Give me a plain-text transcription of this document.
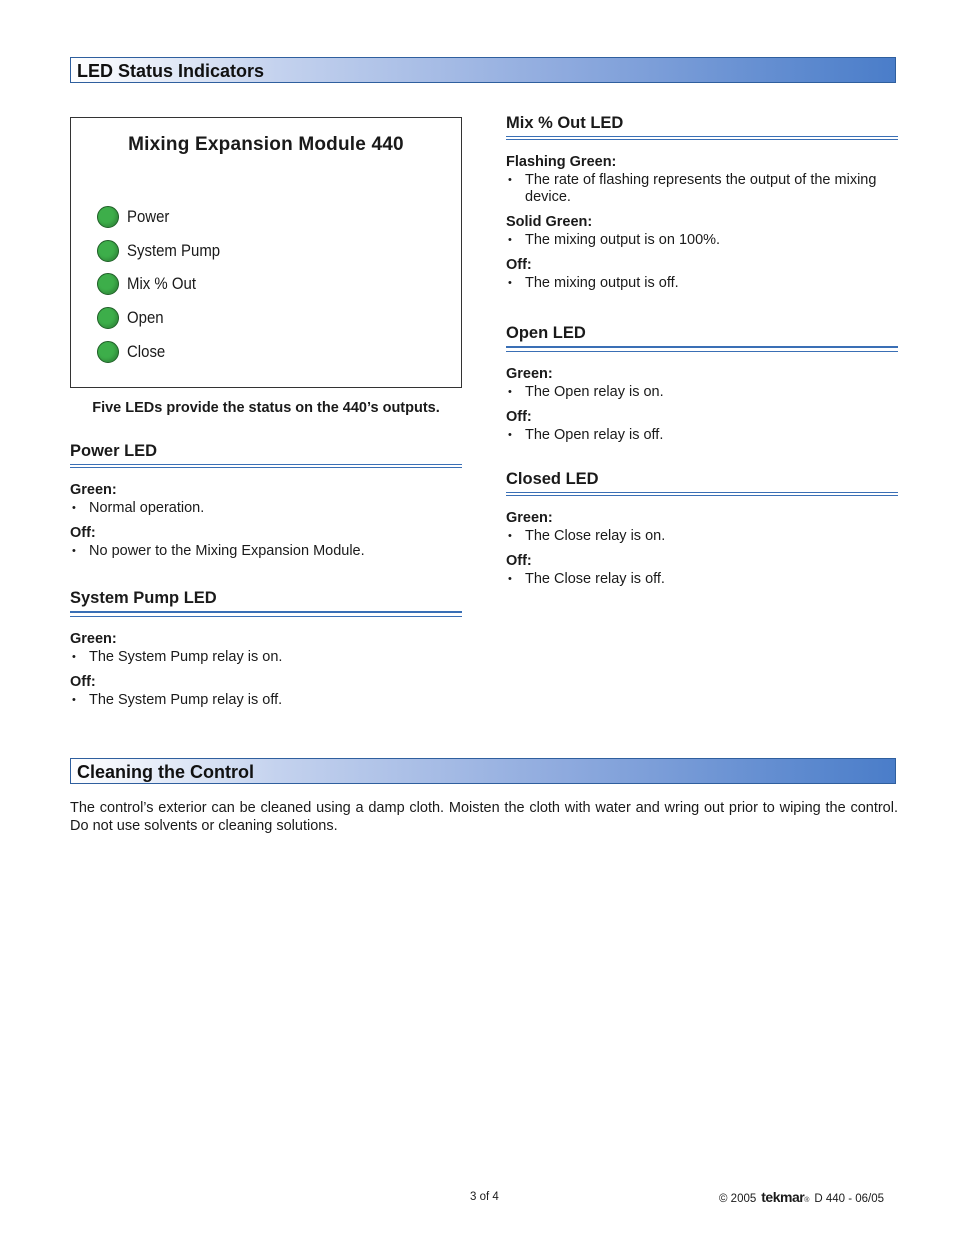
LED Status Indicators
Mixing Expansion Module 440
Power
System Pump
Mix % Out
Open
Close
Five LEDs provide the status on the 440’s outputs.
Power LED
Green:
• Normal operation.
Off:
• No power to the Mixing Expansion Module.
System Pump LED
Green:
• The System Pump relay is on.
Off:
• The System Pump relay is off.
Mix % Out LED
Flashing Green:
• The rate of flashing represents the output of the mixing device.
Solid Green:
• The mixing output is on 100%.
Off:
• The mixing output is off.
Open LED
Green:
• The Open relay is on.
Off:
• The Open relay is off.
Closed LED
Green:
• The Close relay is on.
Off:
• The Close relay is off.
Cleaning the Control
The control’s exterior can be cleaned using a damp cloth. Moisten the cloth with water and wring out prior to wiping the control. Do not use solvents or cleaning solutions.
3 of 4	© 2005 tekmar$_®$ D 440 - 06/05
